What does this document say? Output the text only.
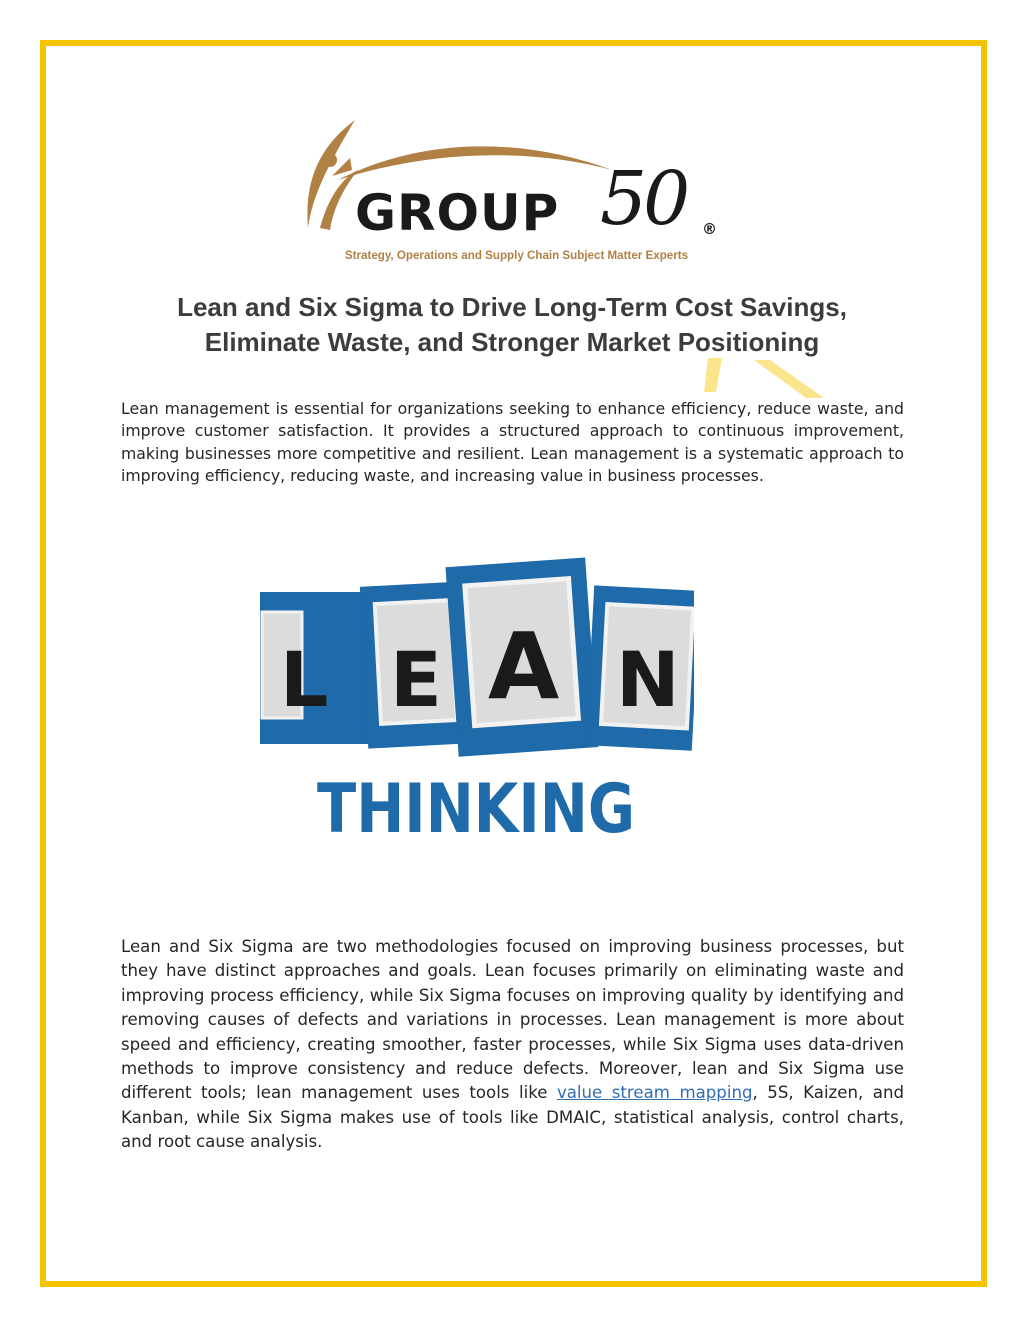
GROUP 50 ®
Strategy, Operations and Supply Chain Subject Matter Experts
Lean and Six Sigma to Drive Long-Term Cost Savings,
Eliminate Waste, and Stronger Market Positioning

Lean management is essential for organizations seeking to enhance efficiency, reduce waste, and improve customer satisfaction. It provides a structured approach to continuous improvement, making businesses more competitive and resilient. Lean management is a systematic approach to improving efficiency, reducing waste, and increasing value in business processes.

L E A N
THINKING

Lean and Six Sigma are two methodologies focused on improving business processes, but they have distinct approaches and goals. Lean focuses primarily on eliminating waste and improving process efficiency, while Six Sigma focuses on improving quality by identifying and removing causes of defects and variations in processes. Lean management is more about speed and efficiency, creating smoother, faster processes, while Six Sigma uses data-driven methods to improve consistency and reduce defects. Moreover, lean and Six Sigma use different tools; lean management uses tools like value stream mapping, 5S, Kaizen, and Kanban, while Six Sigma makes use of tools like DMAIC, statistical analysis, control charts, and root cause analysis.
